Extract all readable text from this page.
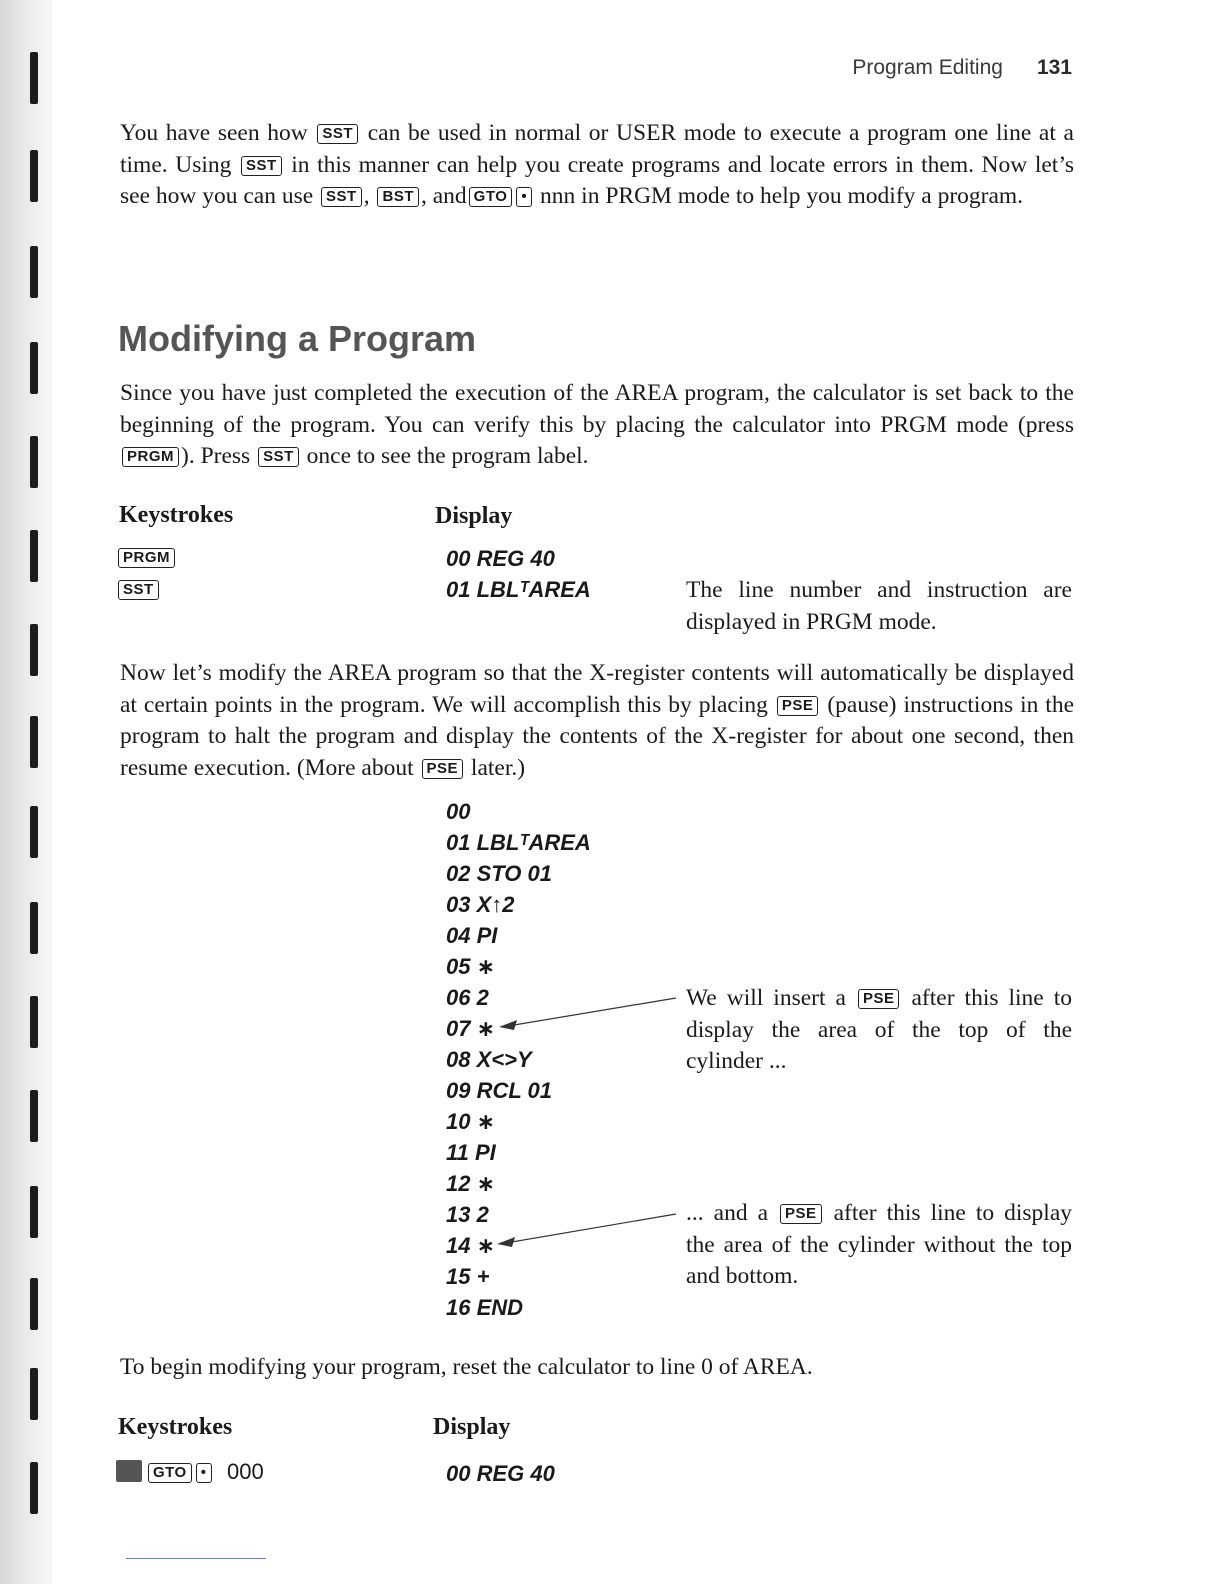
Program Editing 131

You have seen how SST can be used in normal or USER mode to execute a program one line at a time. Using SST in this manner can help you create programs and locate errors in them. Now let’s see how you can use SST , BST , and GTO • nnn in PRGM mode to help you modify a program.

Modifying a Program

Since you have just completed the execution of the AREA program, the calculator is set back to the beginning of the program. You can verify this by placing the calculator into PRGM mode (press PRGM ). Press SST once to see the program label.

Keystrokes	Display
PRGM	00 REG 40
SST	01 LBLᵀAREA	The line number and instruction are displayed in PRGM mode.

Now let’s modify the AREA program so that the X-register contents will automatically be displayed at certain points in the program. We will accomplish this by placing PSE (pause) instructions in the program to halt the program and display the contents of the X-register for about one second, then resume execution. (More about PSE later.)

00
01 LBLᵀAREA
02 STO 01
03 X↑2
04 PI
05 ∗
06 2
07 ∗
08 X<>Y
09 RCL 01
10 ∗
11 PI
12 ∗
13 2
14 ∗
15 +
16 END

We will insert a PSE after this line to display the area of the top of the cylinder ...

... and a PSE after this line to display the area of the cylinder without the top and bottom.

To begin modifying your program, reset the calculator to line 0 of AREA.

Keystrokes	Display
GTO • 000	00 REG 40
